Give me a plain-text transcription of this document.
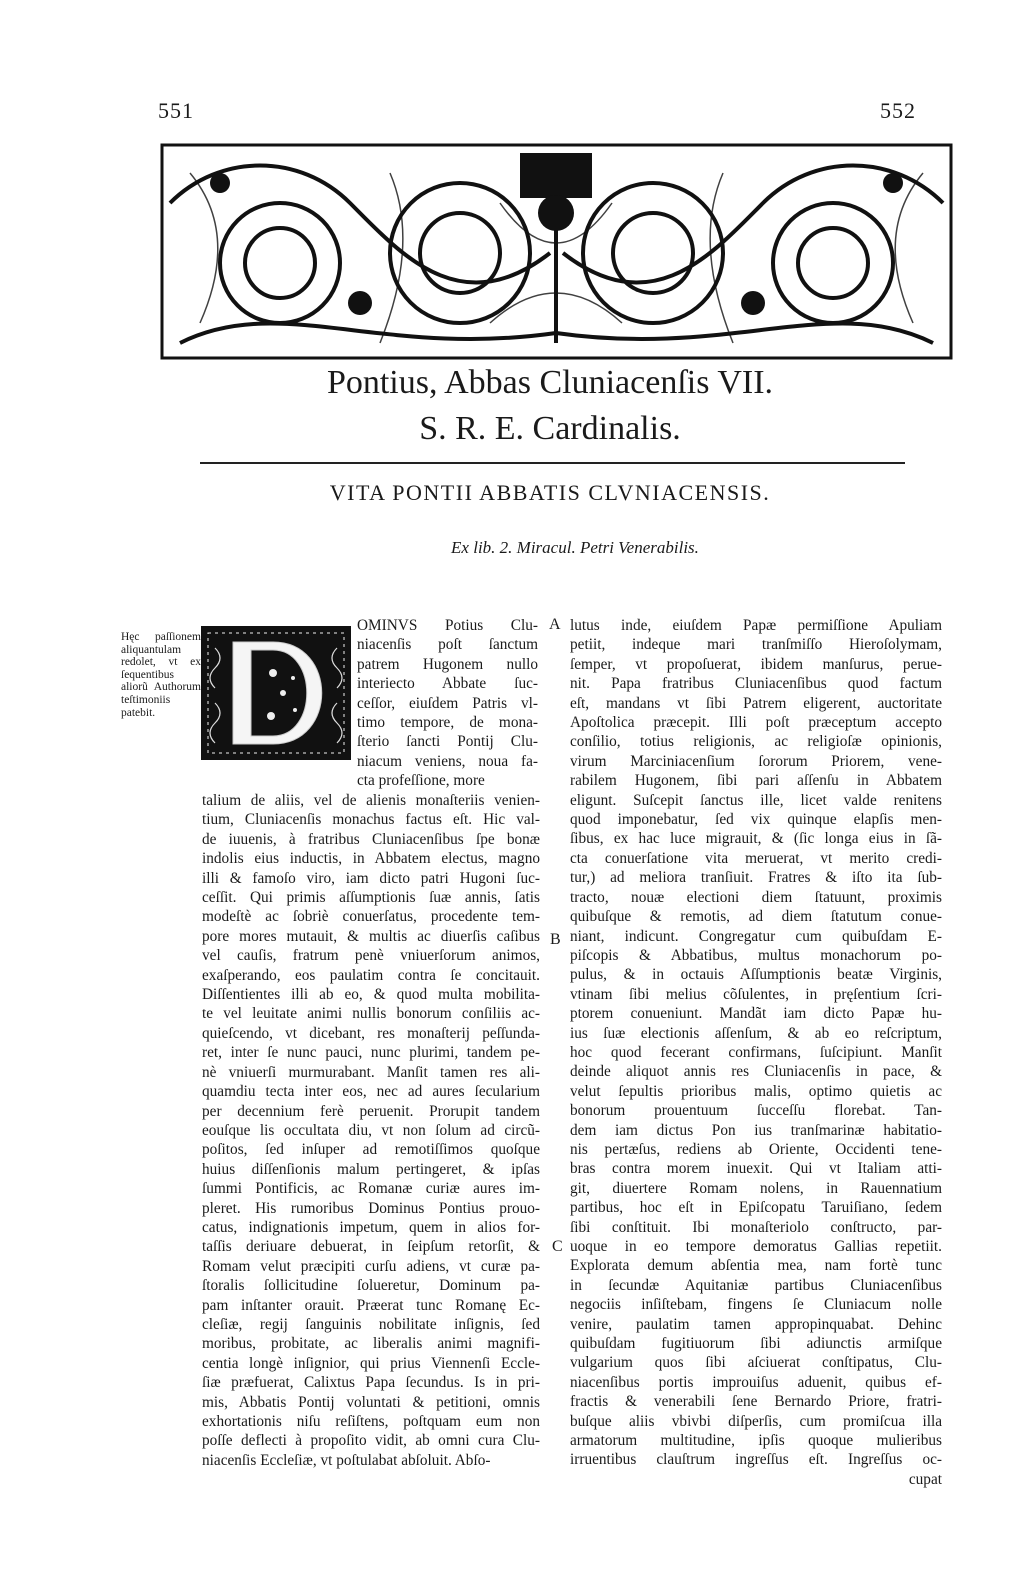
551	552
Pontius, Abbas Cluniacenſis VII.
S. R. E. Cardinalis.
VITA PONTII ABBATIS CLVNIACENSIS.
Ex lib. 2. Miracul. Petri Venerabilis.
Hęc paſſionem aliquantulam redolet, vt ex ſequentibus aliorũ Authorum teſtimoniis patebit.
A
B
C
OMINVS Potius Clu-
niacenſis poſt ſanctum
patrem Hugonem nullo
interiecto Abbate ſuc-
ceſſor, eiuſdem Patris vl-
timo tempore, de mona-
ſterio ſancti Pontij Clu-
niacum veniens, noua fa-
cta profeſſione, more
talium de aliis, vel de alienis monaſteriis venien-
tium, Cluniacenſis monachus factus eſt. Hic val-
de iuuenis, à fratribus Cluniacenſibus ſpe bonæ
indolis eius inductis, in Abbatem electus, magno
illi & famoſo viro, iam dicto patri Hugoni ſuc-
ceſſit. Qui primis aſſumptionis ſuæ annis, ſatis
modeſtè ac ſobriè conuerſatus, procedente tem-
pore mores mutauit, & multis ac diuerſis caſibus
vel cauſis, fratrum penè vniuerſorum animos,
exaſperando, eos paulatim contra ſe concitauit.
Diſſentientes illi ab eo, & quod multa mobilita-
te vel leuitate animi nullis bonorum conſiliis ac-
quieſcendo, vt dicebant, res monaſterij peſſunda-
ret, inter ſe nunc pauci, nunc plurimi, tandem pe-
nè vniuerſi murmurabant. Manſit tamen res ali-
quamdiu tecta inter eos, nec ad aures ſecularium
per decennium ferè peruenit. Prorupit tandem
eouſque lis occultata diu, vt non ſolum ad circũ-
poſitos, ſed inſuper ad remotiſſimos quoſque
huius diſſenſionis malum pertingeret, & ipſas
ſummi Pontificis, ac Romanæ curiæ aures im-
pleret. His rumoribus Dominus Pontius prouo-
catus, indignationis impetum, quem in alios for-
taſſis deriuare debuerat, in ſeipſum retorſit, &
Romam velut præcipiti curſu adiens, vt curæ pa-
ſtoralis ſollicitudine ſolueretur, Dominum pa-
pam inſtanter orauit. Præerat tunc Romanę Ec-
cleſiæ, regij ſanguinis nobilitate inſignis, ſed
moribus, probitate, ac liberalis animi magnifi-
centia longè inſignior, qui prius Viennenſi Eccle-
ſiæ præfuerat, Calixtus Papa ſecundus. Is in pri-
mis, Abbatis Pontij voluntati & petitioni, omnis
exhortationis niſu reſiſtens, poſtquam eum non
poſſe deflecti à propoſito vidit, ab omni cura Clu-
niacenſis Eccleſiæ, vt poſtulabat abſoluit. Abſo-
lutus inde, eiuſdem Papæ permiſſione Apuliam
petiit, indeque mari tranſmiſſo Hieroſolymam,
ſemper, vt propoſuerat, ibidem manſurus, perue-
nit. Papa fratribus Cluniacenſibus quod factum
eſt, mandans vt ſibi Patrem eligerent, auctoritate
Apoſtolica præcepit. Illi poſt præceptum accepto
conſilio, totius religionis, ac religioſæ opinionis,
virum Marciniacenſium ſororum Priorem, vene-
rabilem Hugonem, ſibi pari aſſenſu in Abbatem
eligunt. Suſcepit ſanctus ille, licet valde renitens
quod imponebatur, ſed vix quinque elapſis men-
ſibus, ex hac luce migrauit, & (ſic longa eius in ſã-
cta conuerſatione vita meruerat, vt merito credi-
tur,) ad meliora tranſiuit. Fratres & iſto ita ſub-
tracto, nouæ electioni diem ſtatuunt, proximis
quibuſque & remotis, ad diem ſtatutum conue-
niant, indicunt. Congregatur cum quibuſdam E-
piſcopis & Abbatibus, multus monachorum po-
pulus, & in octauis Aſſumptionis beatæ Virginis,
vtinam ſibi melius cõſulentes, in pręſentium ſcri-
ptorem conueniunt. Mandãt iam dicto Papæ hu-
ius ſuæ electionis aſſenſum, & ab eo reſcriptum,
hoc quod fecerant confirmans, ſuſcipiunt. Manſit
deinde aliquot annis res Cluniacenſis in pace, &
velut ſepultis prioribus malis, optimo quietis ac
bonorum prouentuum ſucceſſu florebat. Tan-
dem iam dictus Pon ius tranſmarinæ habitatio-
nis pertæſus, rediens ab Oriente, Occidenti tene-
bras contra morem inuexit. Qui vt Italiam atti-
git, diuertere Romam nolens, in Rauennatium
partibus, hoc eſt in Epiſcopatu Taruiſiano, ſedem
ſibi conſtituit. Ibi monaſteriolo conſtructo, par-
uoque in eo tempore demoratus Gallias repetiit.
Explorata demum abſentia mea, nam fortè tunc
in ſecundæ Aquitaniæ partibus Cluniacenſibus
negociis inſiſtebam, fingens ſe Cluniacum nolle
venire, paulatim tamen appropinquabat. Dehinc
quibuſdam fugitiuorum ſibi adiunctis armiſque
vulgarium quos ſibi aſciuerat conſtipatus, Clu-
niacenſibus portis improuiſus aduenit, quibus ef-
fractis & venerabili ſene Bernardo Priore, fratri-
buſque aliis vbivbi diſperſis, cum promiſcua illa
armatorum multitudine, ipſis quoque mulieribus
irruentibus clauſtrum ingreſſus eſt. Ingreſſus oc-
cupat
